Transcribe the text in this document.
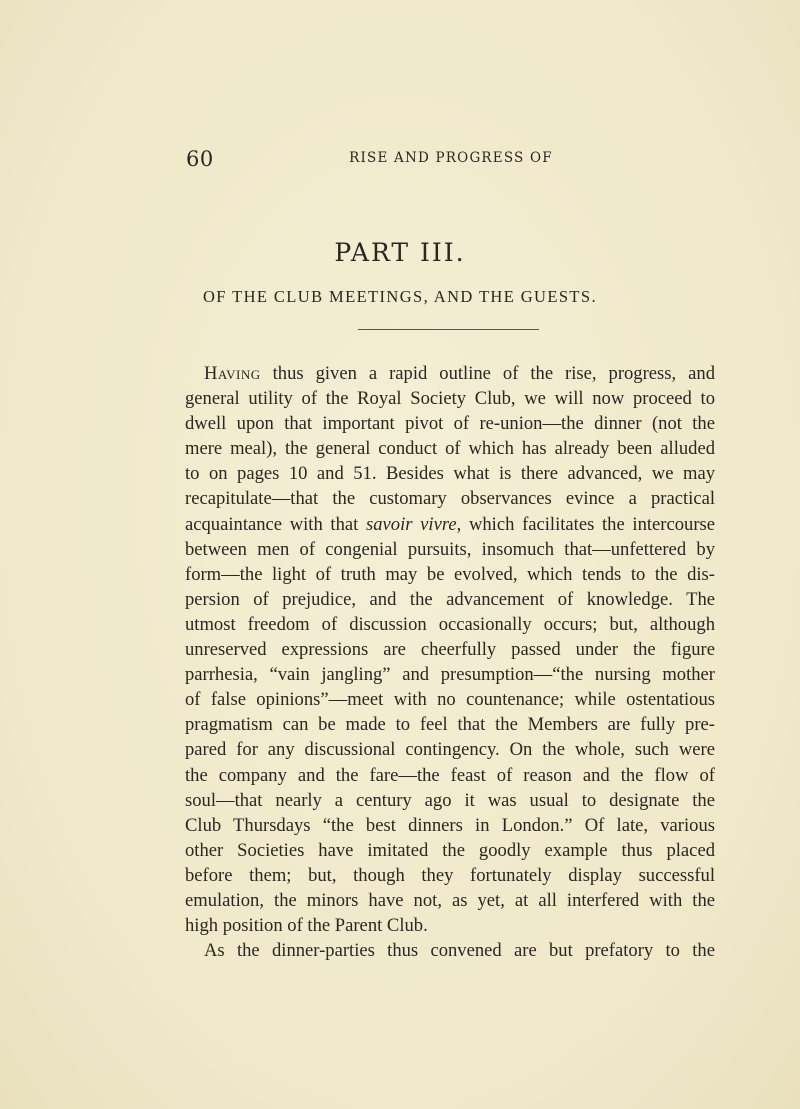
60	RISE AND PROGRESS OF
PART III.
OF THE CLUB MEETINGS, AND THE GUESTS.
Having thus given a rapid outline of the rise, progress, and
general utility of the Royal Society Club, we will now proceed to
dwell upon that important pivot of re-union—the dinner (not the
mere meal), the general conduct of which has already been alluded
to on pages 10 and 51. Besides what is there advanced, we may
recapitulate—that the customary observances evince a practical
acquaintance with that savoir vivre, which facilitates the intercourse
between men of congenial pursuits, insomuch that—unfettered by
form—the light of truth may be evolved, which tends to the dis-
persion of prejudice, and the advancement of knowledge. The
utmost freedom of discussion occasionally occurs; but, although
unreserved expressions are cheerfully passed under the figure
parrhesia, “vain jangling” and presumption—“the nursing mother
of false opinions”—meet with no countenance; while ostentatious
pragmatism can be made to feel that the Members are fully pre-
pared for any discussional contingency. On the whole, such were
the company and the fare—the feast of reason and the flow of
soul—that nearly a century ago it was usual to designate the
Club Thursdays “the best dinners in London.” Of late, various
other Societies have imitated the goodly example thus placed
before them; but, though they fortunately display successful
emulation, the minors have not, as yet, at all interfered with the
high position of the Parent Club.
As the dinner-parties thus convened are but prefatory to the
